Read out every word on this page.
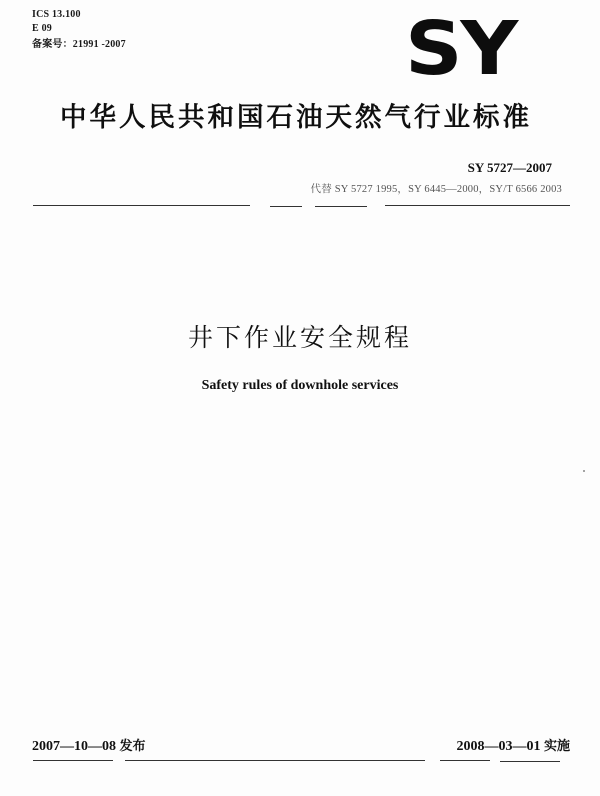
ICS 13.100
E 09
备案号：21991 -2007	SY
中华人民共和国石油天然气行业标准
SY 5727—2007
代替 SY 5727 1995，SY 6445—2000，SY/T 6566 2003
井下作业安全规程
Safety rules of downhole services
2007—10—08 发布	2008—03—01 实施
